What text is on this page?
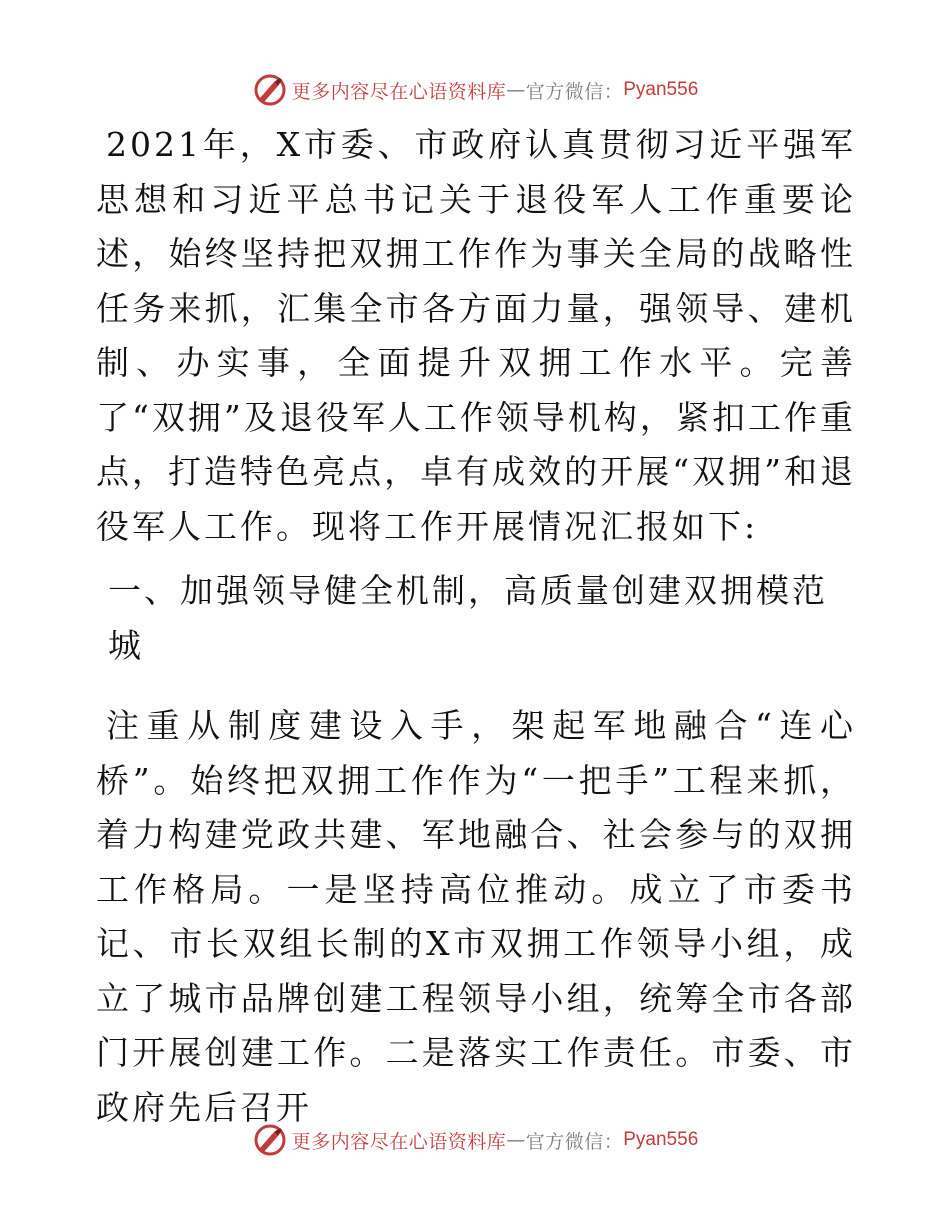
更多内容尽在心语资料库 — 官方微信： Pyan556

2021年，X市委、市政府认真贯彻习近平强军思想和习近平总书记关于退役军人工作重要论述，始终坚持把双拥工作作为事关全局的战略性任务来抓，汇集全市各方面力量，强领导、建机制、办实事，全面提升双拥工作水平。完善了“双拥”及退役军人工作领导机构，紧扣工作重点，打造特色亮点，卓有成效的开展“双拥”和退役军人工作。现将工作开展情况汇报如下:

一、加强领导健全机制，高质量创建双拥模范城

注重从制度建设入手，架起军地融合“连心桥”。始终把双拥工作作为“一把手”工程来抓，着力构建党政共建、军地融合、社会参与的双拥工作格局。一是坚持高位推动。成立了市委书记、市长双组长制的X市双拥工作领导小组，成立了城市品牌创建工程领导小组，统筹全市各部门开展创建工作。二是落实工作责任。市委、市政府先后召开

更多内容尽在心语资料库 — 官方微信： Pyan556
